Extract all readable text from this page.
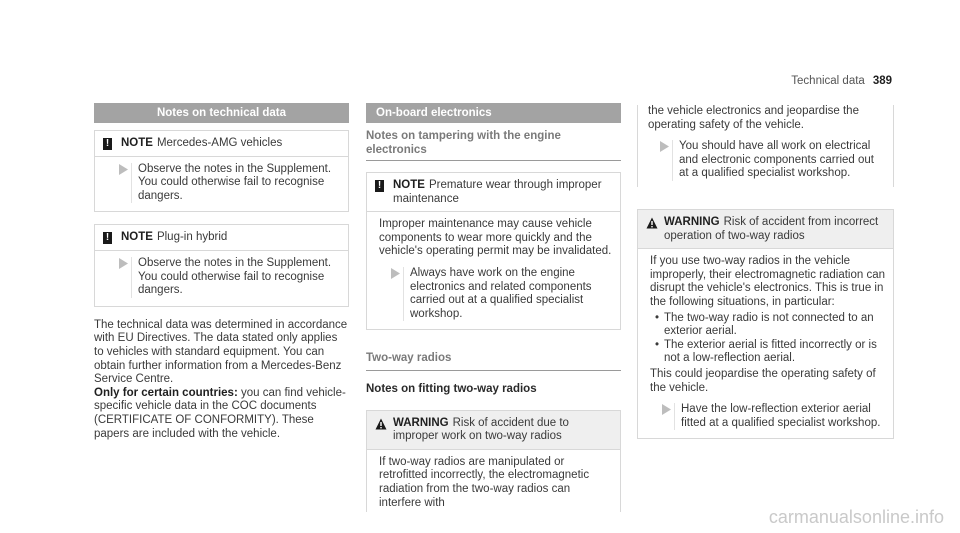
Technical data 389
Notes on technical data
! NOTE Mercedes-AMG vehicles
Observe the notes in the Supplement. You could otherwise fail to recognise dangers.
! NOTE Plug-in hybrid
Observe the notes in the Supplement. You could otherwise fail to recognise dangers.

The technical data was determined in accordance with EU Directives. The data stated only applies to vehicles with standard equipment. You can obtain further information from a Mercedes-Benz Service Centre.

Only for certain countries: you can find vehicle-specific vehicle data in the COC documents (CERTIFICATE OF CONFORMITY). These papers are included with the vehicle.

On-board electronics
Notes on tampering with the engine electronics
! NOTE Premature wear through improper maintenance

Improper maintenance may cause vehicle components to wear more quickly and the vehicle's operating permit may be invalidated.

Always have work on the engine electronics and related components carried out at a qualified specialist workshop.
Two-way radios
Notes on fitting two-way radios
WARNING Risk of accident due to improper work on two-way radios

If two-way radios are manipulated or retrofitted incorrectly, the electromagnetic radiation from the two-way radios can interfere with

the vehicle electronics and jeopardise the operating safety of the vehicle.

You should have all work on electrical and electronic components carried out at a qualified specialist workshop.
WARNING Risk of accident from incorrect operation of two-way radios

If you use two-way radios in the vehicle improperly, their electromagnetic radiation can disrupt the vehicle's electronics. This is true in the following situations, in particular:

• The two-way radio is not connected to an exterior aerial.
• The exterior aerial is fitted incorrectly or is not a low-reflection aerial.

This could jeopardise the operating safety of the vehicle.

Have the low-reflection exterior aerial fitted at a qualified specialist workshop.
carmanualsonline.info
